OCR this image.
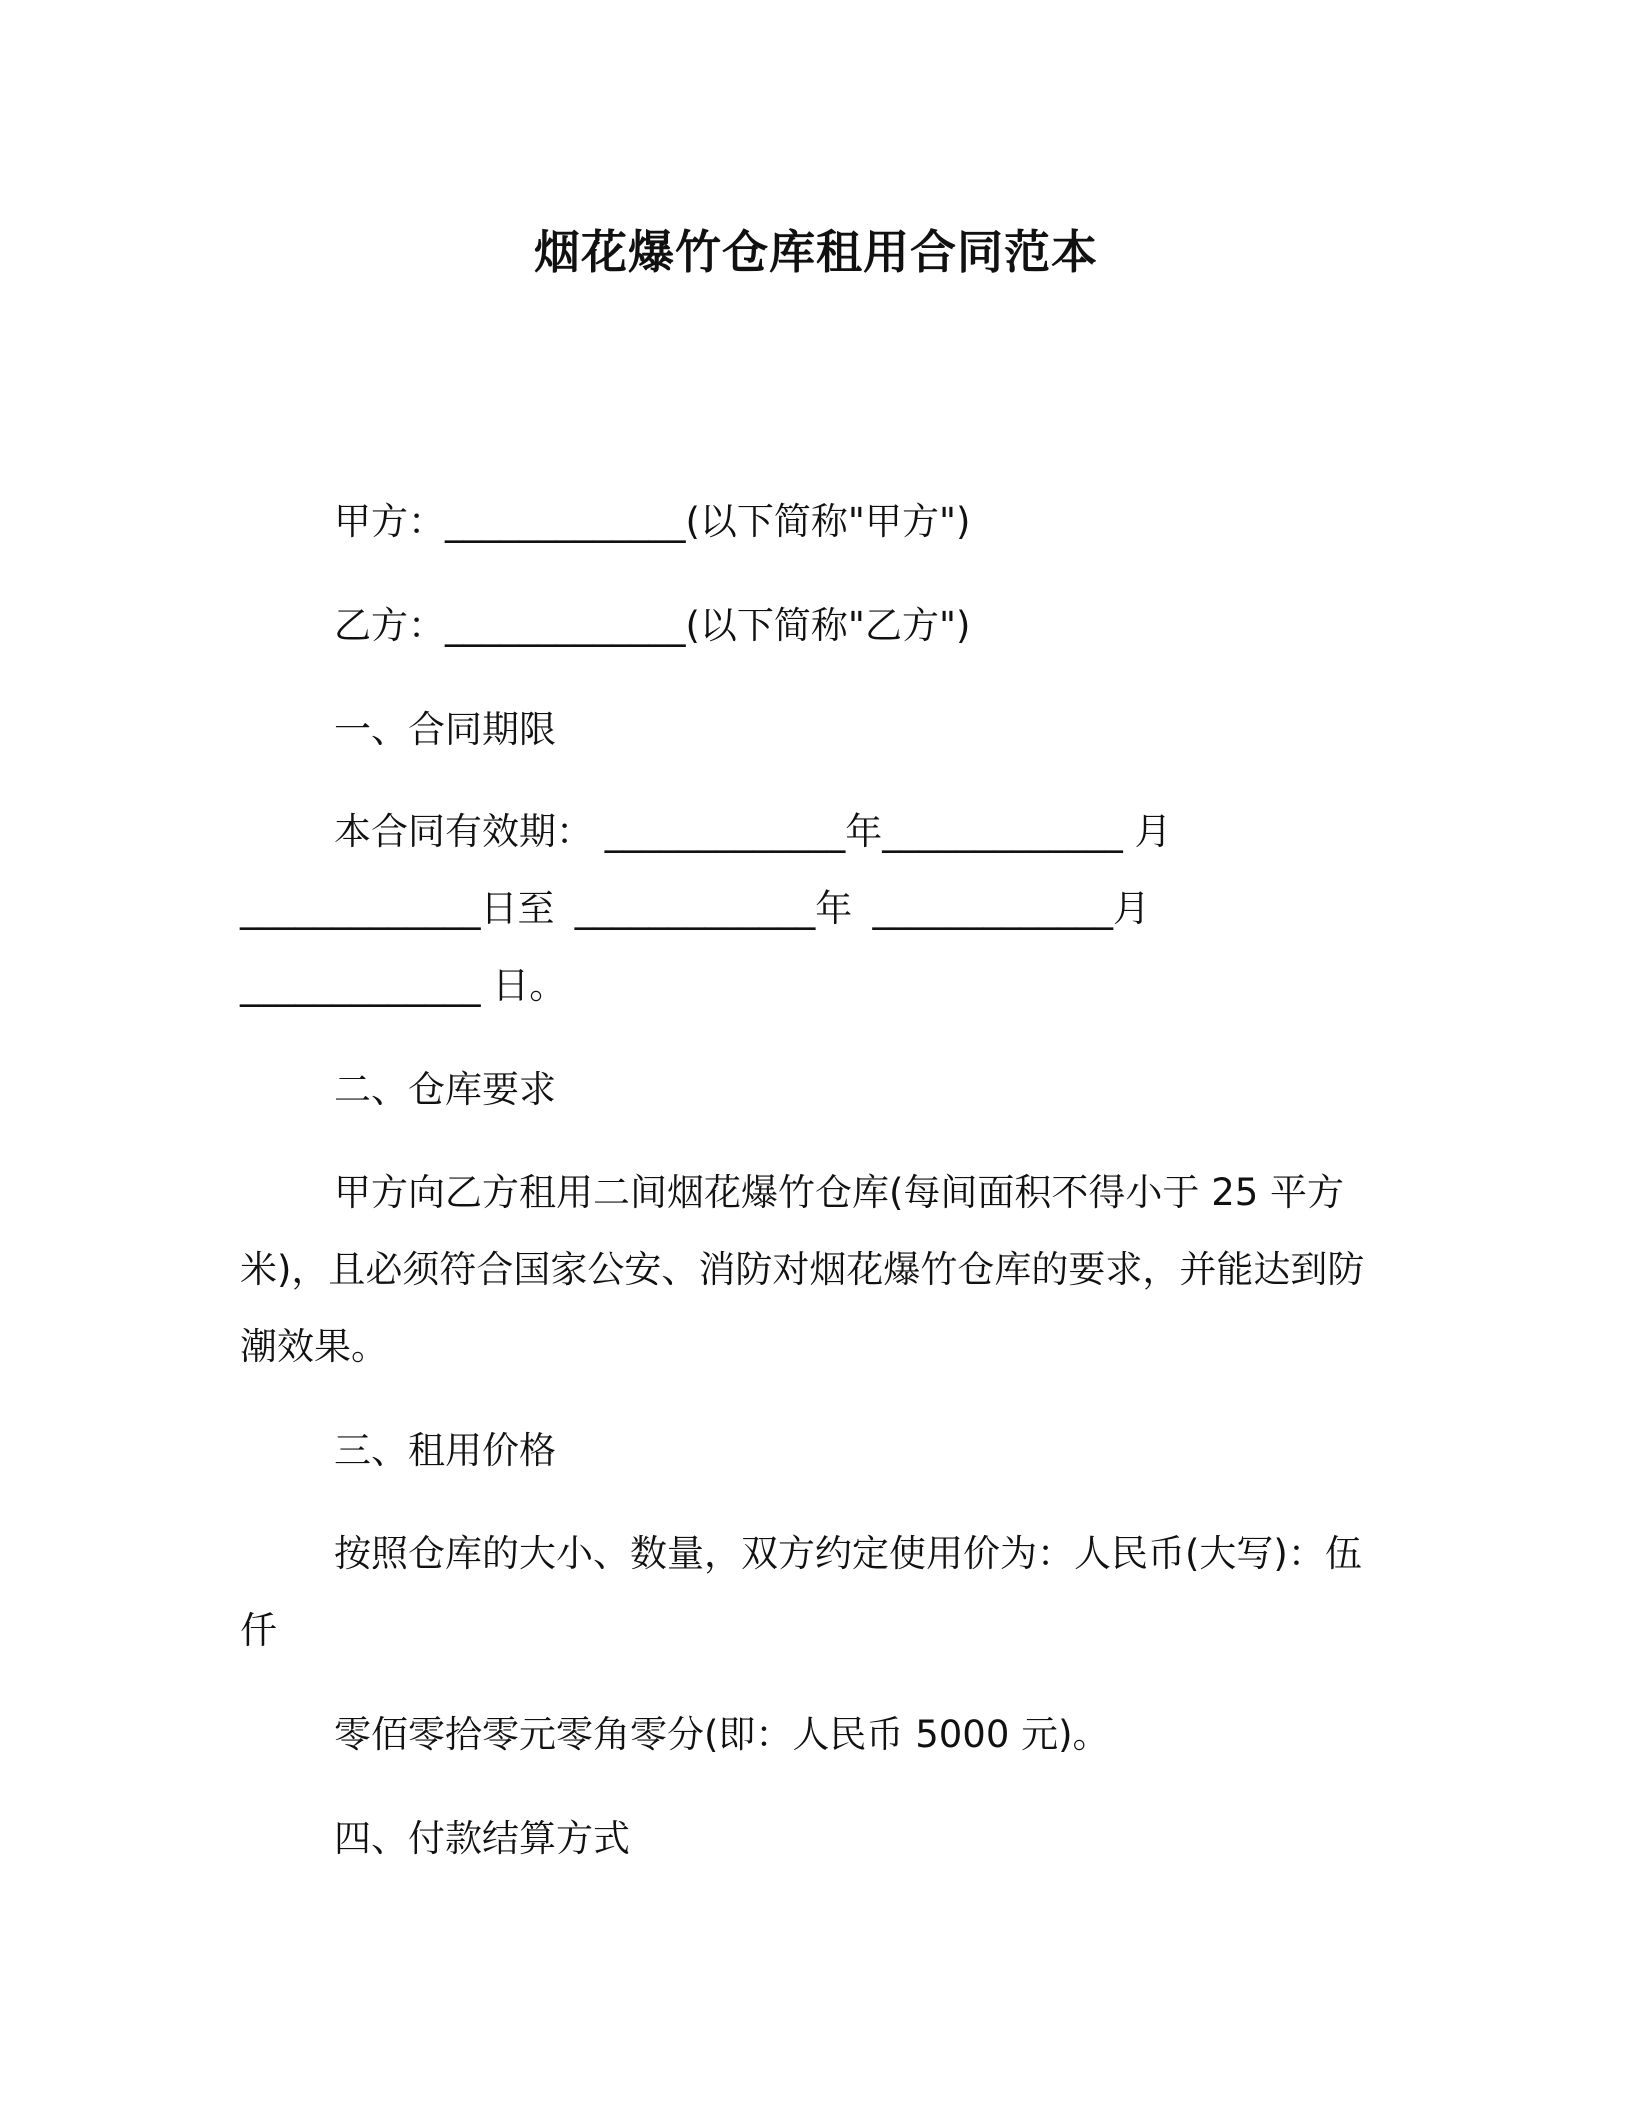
烟花爆竹仓库租用合同范本

甲方：_____________(以下简称"甲方")

乙方：_____________(以下简称"乙方")

一、合同期限

本合同有效期： _____________年_____________ 月

_____________日至 _____________年 _____________月

_____________ 日。

二、仓库要求

甲方向乙方租用二间烟花爆竹仓库(每间面积不得小于 25 平方

米)，且必须符合国家公安、消防对烟花爆竹仓库的要求，并能达到防

潮效果。

三、租用价格

按照仓库的大小、数量，双方约定使用价为：人民币(大写)：伍

仟

零佰零拾零元零角零分(即：人民币 5000 元)。

四、付款结算方式
